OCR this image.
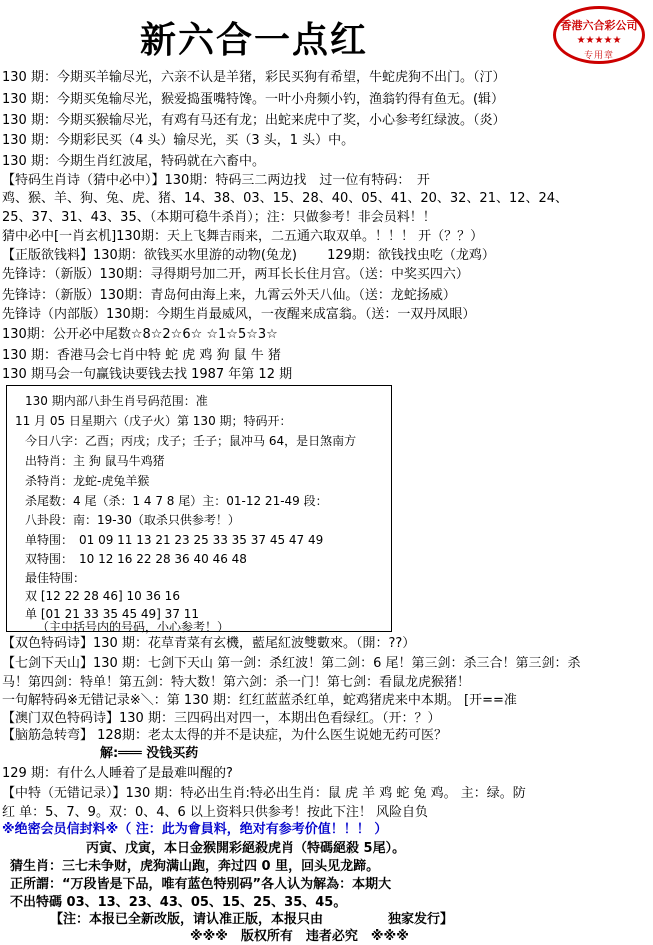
新六合一点红	香港六合彩公司
★★★★★
专用章
130 期：今期买羊输尽光，六亲不认是羊猪，彩民买狗有希望，牛蛇虎狗不出门。（汀）
130 期：今期买兔输尽光，猴爱捣蛋嘴特馋。一叶小舟频小钓，渔翁钓得有鱼无。(辑）
130 期：今期买猴输尽光，有鸡有马还有龙；出蛇来虎中了奖，小心参考红绿波。（炎）
130 期：今期彩民买（4 头）输尽光，买（3 头，1 头）中。
130 期：今期生肖红波尾，特码就在六畜中。
【特码生肖诗（猜中必中）】130期：特码三二两边找　过一位有特码：　开
鸡、猴、羊、狗、兔、虎、猪、14、38、03、15、28、40、05、41、20、32、21、12、24、
25、37、31、43、35、（本期可稳牛杀肖）；注：只做参考！非会员料！！
猜中必中[一肖玄机]130期：天上飞舞吉雨来，二五通六取双单。！！！ 开（？？）
【正版欲钱料】130期：欲钱买水里游的动物(兔龙)　　 129期：欲钱找虫吃（龙鸡）
先锋诗：（新版）130期：寻得期号加二开，两耳长长住月宫。（送：中奖买四六）
先锋诗：（新版）130期：青岛何由海上来，九霄云外天八仙。（送：龙蛇扬威）
先锋诗（内部版）130期：今期生肖最威风，一夜醒来成富翁。（送：一双丹凤眼）
130期：公开必中尾数☆8☆2☆6☆ ☆1☆5☆3☆
130 期：香港马会七肖中特 蛇 虎 鸡 狗 鼠 牛 猪
130 期马会一句赢钱诀要钱去找 1987 年第 12 期
130 期内部八卦生肖号码范围：准
11 月 05 日星期六（戊子火）第 130 期；特码开：
今日八字：乙酉；丙戌；戊子；壬子；鼠冲马 64，是日煞南方
出特肖：主 狗 鼠马牛鸡猪
杀特肖：龙蛇-虎兔羊猴
杀尾数：4 尾（杀：1 4 7 8 尾）主：01-12 21-49 段：
八卦段：南：19-30（取杀只供参考！）
单特围：　01 09 11 13 21 23 25 33 35 37 45 47 49
双特围：　10 12 16 22 28 36 40 46 48
最佳特围：
双 [12 22 28 46] 10 36 16
单 [01 21 33 35 45 49] 37 11
（主中括号内的号码，小心参考！）
【双色特码诗】130 期：花草青菜有玄機，藍尾紅波雙數來。（開：??）
【七剑下天山】130 期：七剑下天山 第一剑：杀红波！第二剑：6 尾！第三剑：杀三合！第三剑：杀
马！第四剑：特单！第五剑：特大数！第六剑：杀一门！第七剑：看鼠龙虎猴猪！
一句解特码※无错记录※＼：第 130 期：红红蓝蓝杀红单，蛇鸡猪虎来中本期。 [开==准
【澳门双色特码诗】130 期：三四码出对四一，本期出色看绿红。（开：？）
【脑筋急转弯】 128期：老太太得的并不是诀症，为什么医生说她无药可医？
解:═══ 没钱买药
129 期：有什么人睡着了是最难叫醒的?
【中特（无错记录）】130 期：特必出生肖:特必出生肖：鼠 虎 羊 鸡 蛇 兔 鸡。 主：绿。防
红 单：5、7、9。双：0、4、6 以上资料只供参考！按此下注！ 风险自负
※绝密会员信封料※（ 注：此为會員料，绝对有参考价值！！！ ）
丙寅、戊寅，本日金猴開彩絕殺虎肖（特碼絕殺 5尾）。
猜生肖：三七未争财，虎狗满山跑，奔过四 0 里，回头见龙蹄。
正所謂：“万段皆是下品，唯有蓝色特别码”各人认为解為：本期大
不出特碼 03、13、23、43、05、15、25、35、45。
【注：本报已全新改版，请认准正版，本报只由　　　　　独家发行】
※※※　版权所有　违者必究　※※※
